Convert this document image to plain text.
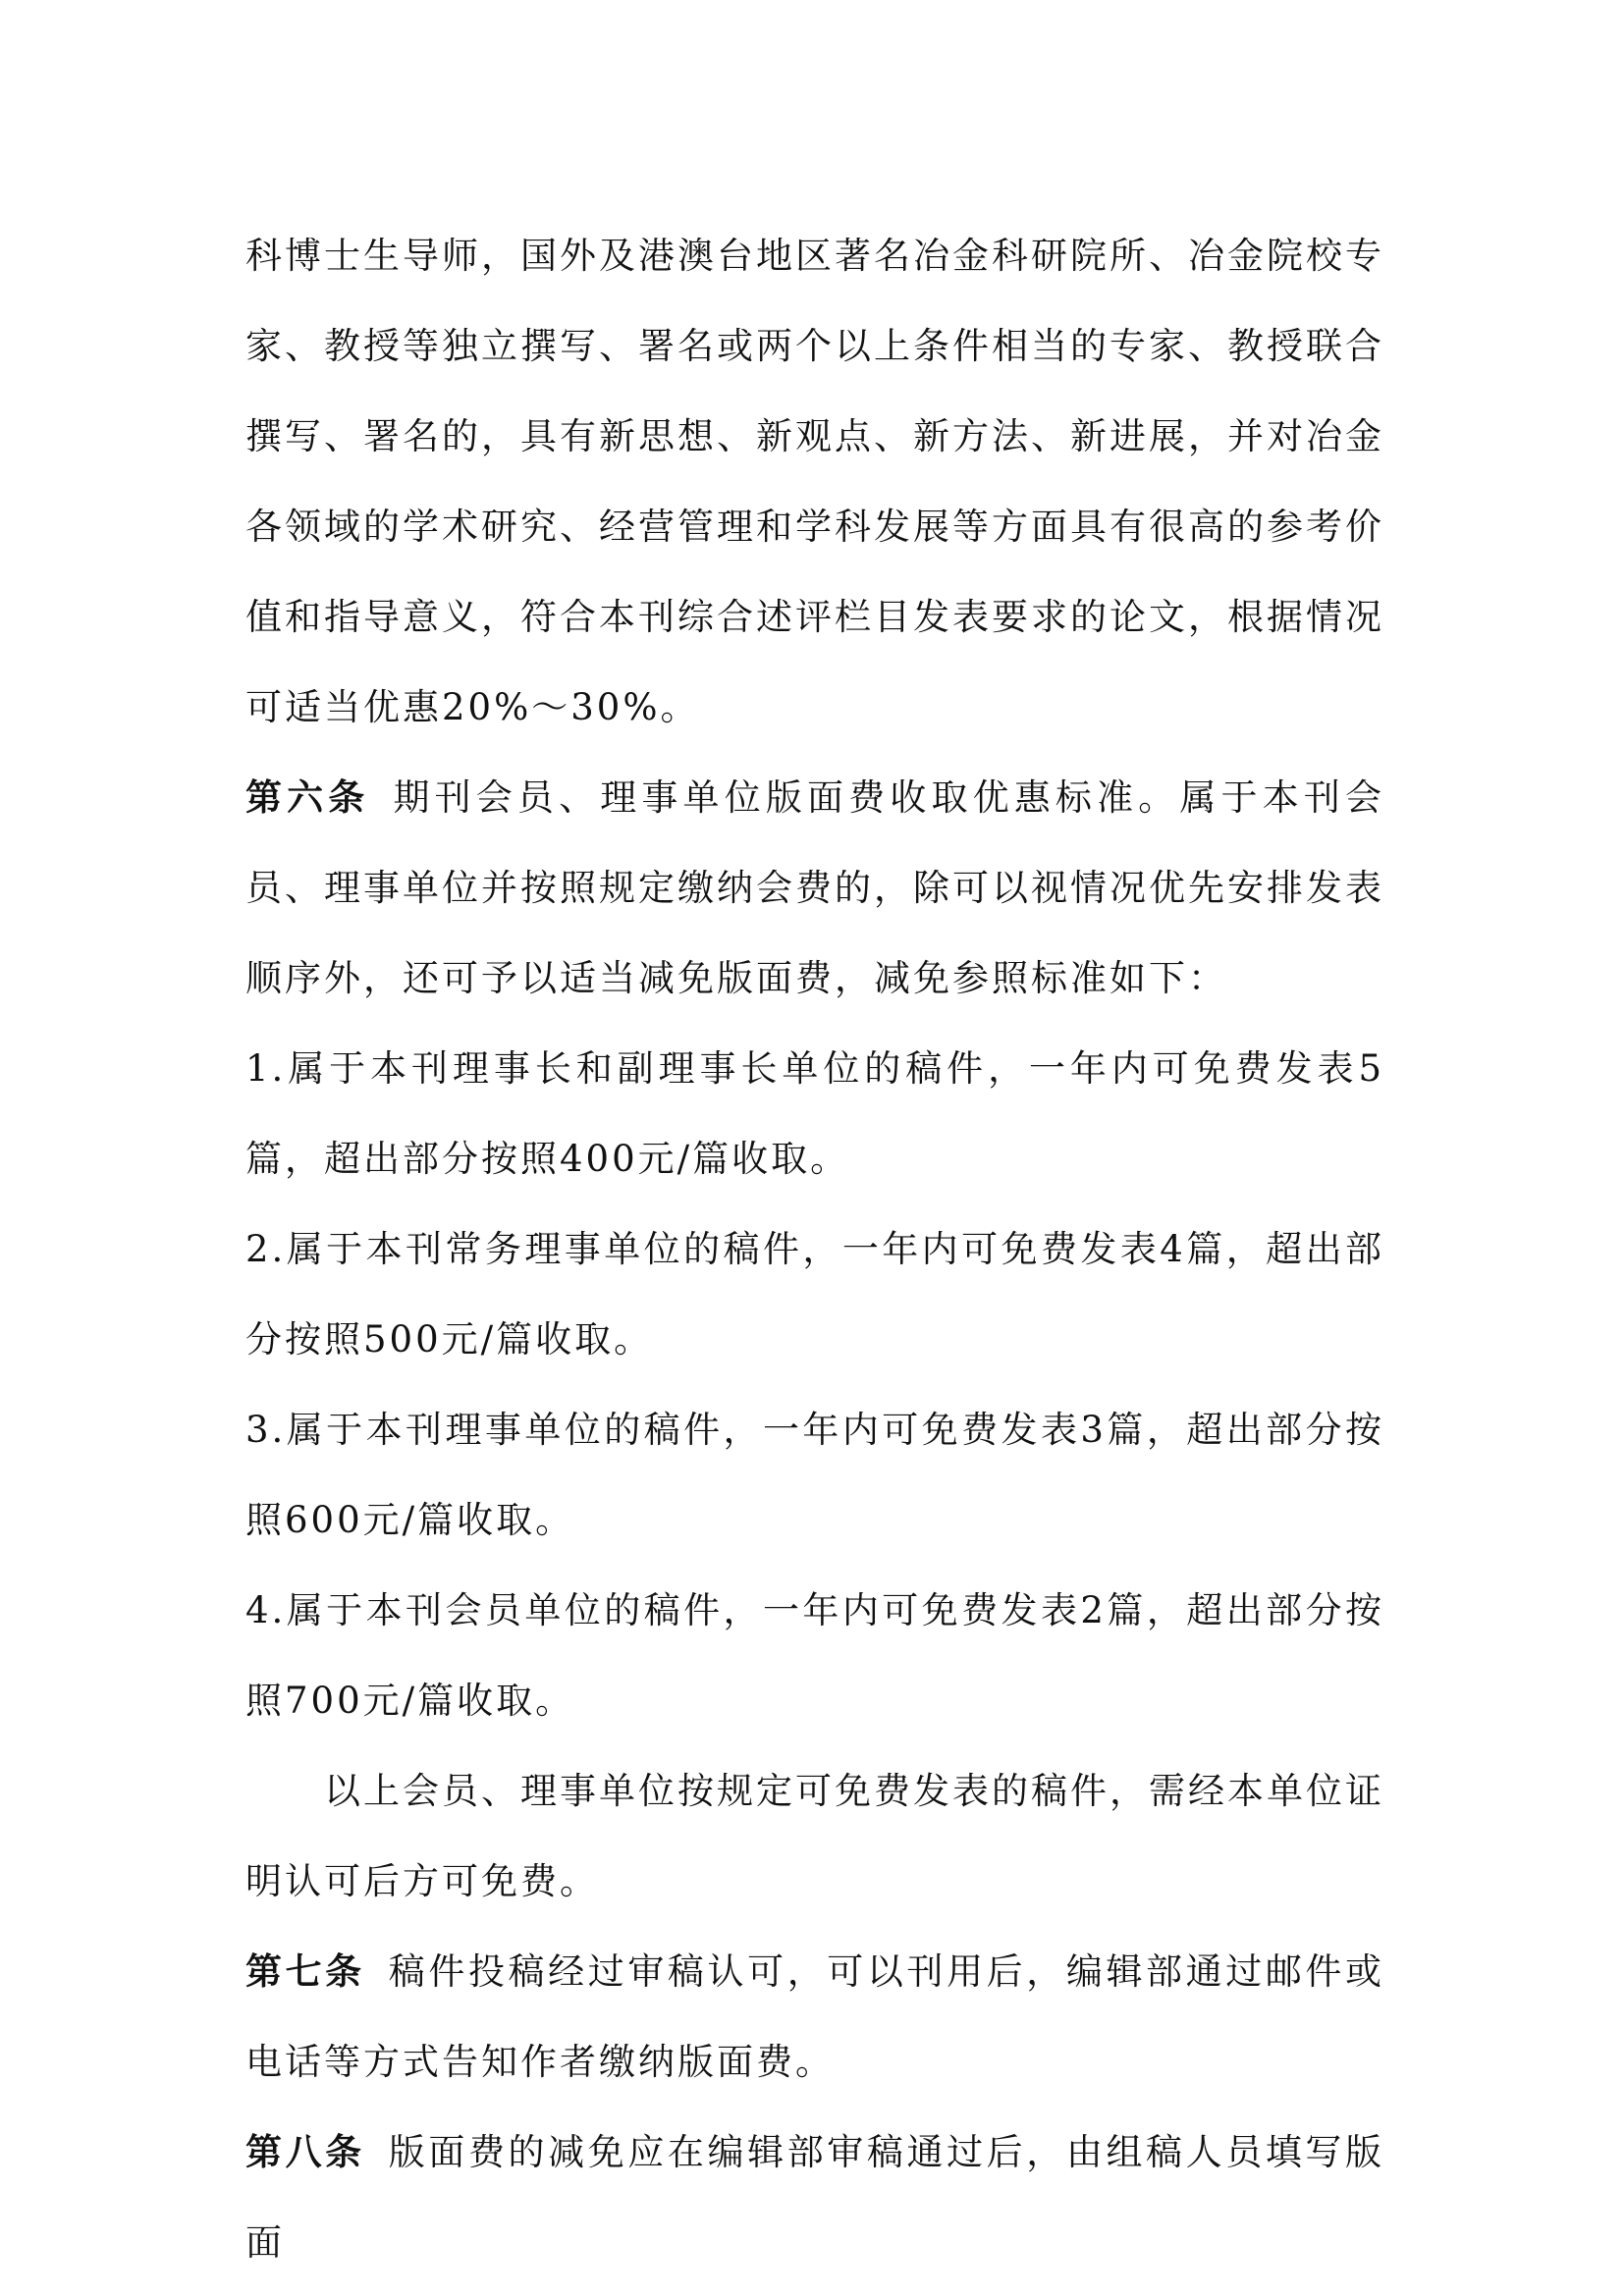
科博士生导师，国外及港澳台地区著名冶金科研院所、冶金院校专家、教授等独立撰写、署名或两个以上条件相当的专家、教授联合撰写、署名的，具有新思想、新观点、新方法、新进展，并对冶金各领域的学术研究、经营管理和学科发展等方面具有很高的参考价值和指导意义，符合本刊综合述评栏目发表要求的论文，根据情况可适当优惠20%～30%。

第六条 期刊会员、理事单位版面费收取优惠标准。属于本刊会员、理事单位并按照规定缴纳会费的，除可以视情况优先安排发表顺序外，还可予以适当减免版面费，减免参照标准如下：

1.属于本刊理事长和副理事长单位的稿件，一年内可免费发表5篇，超出部分按照400元/篇收取。

2.属于本刊常务理事单位的稿件，一年内可免费发表4篇，超出部分按照500元/篇收取。

3.属于本刊理事单位的稿件，一年内可免费发表3篇，超出部分按照600元/篇收取。

4.属于本刊会员单位的稿件，一年内可免费发表2篇，超出部分按照700元/篇收取。

以上会员、理事单位按规定可免费发表的稿件，需经本单位证明认可后方可免费。

第七条 稿件投稿经过审稿认可，可以刊用后，编辑部通过邮件或电话等方式告知作者缴纳版面费。

第八条 版面费的减免应在编辑部审稿通过后，由组稿人员填写版面
